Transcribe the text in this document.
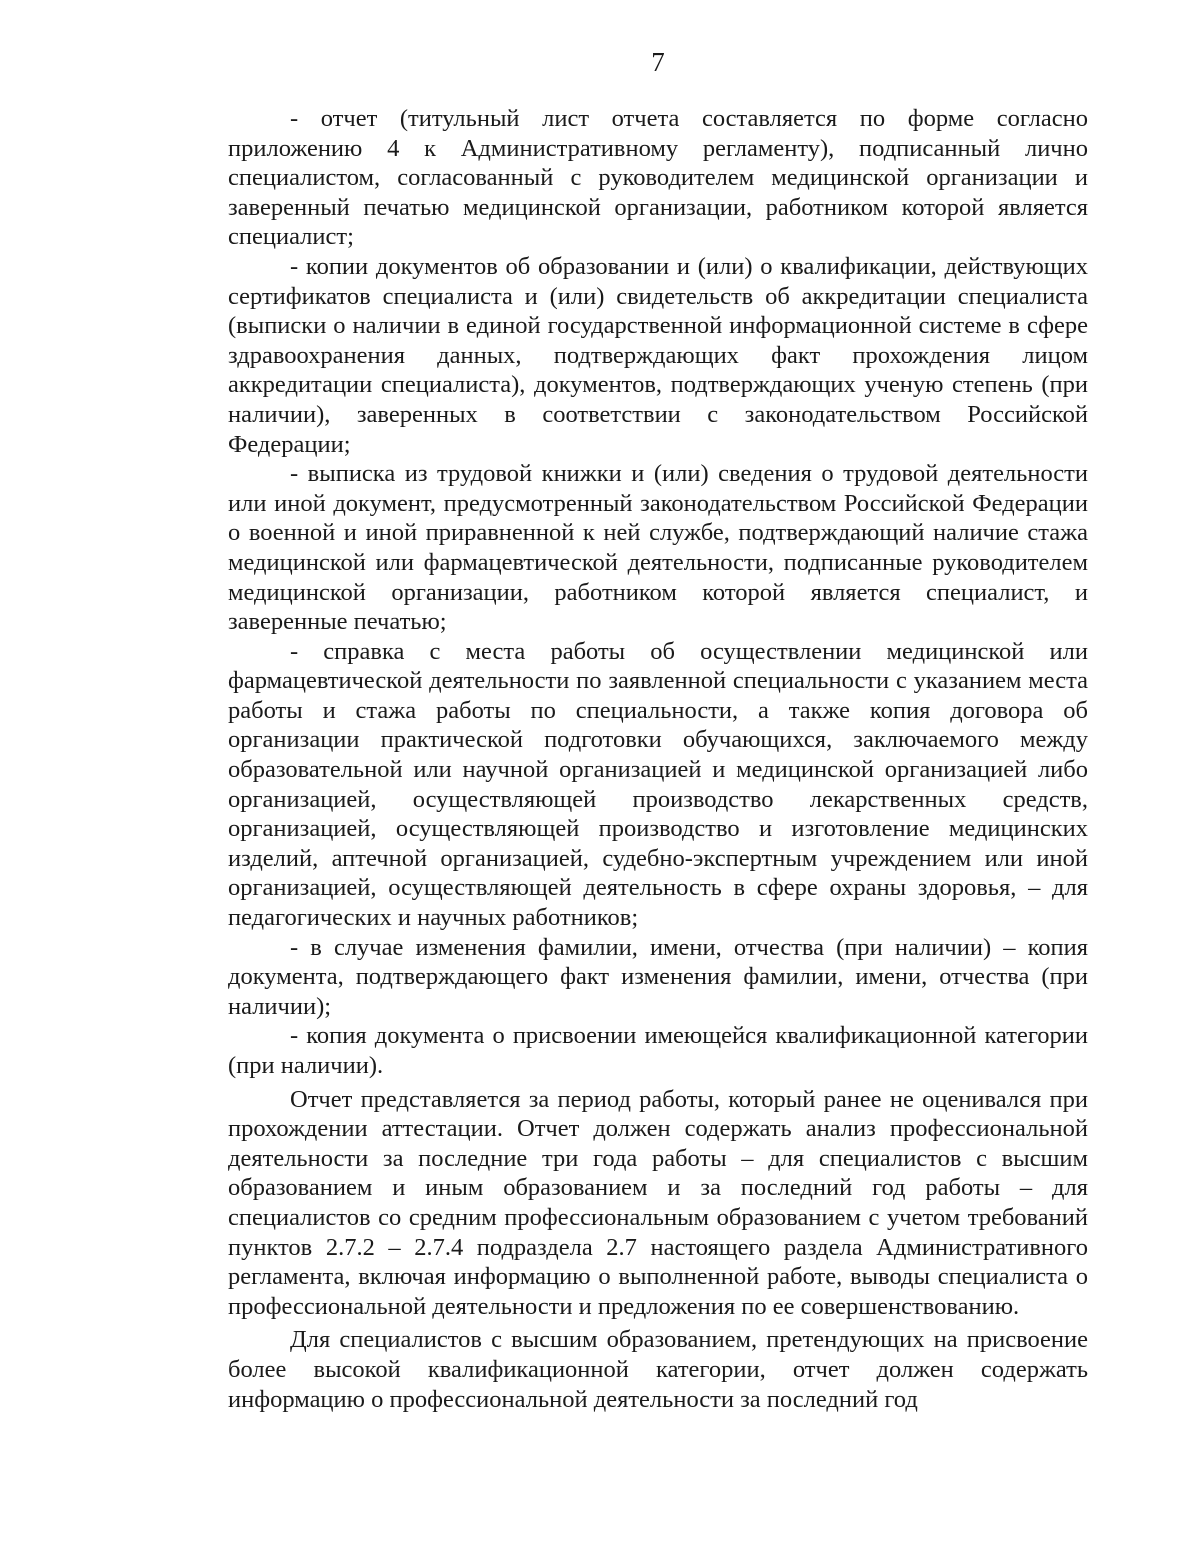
7

- отчет (титульный лист отчета составляется по форме согласно приложению 4 к Административному регламенту), подписанный лично специалистом, согласованный с руководителем медицинской организации и заверенный печатью медицинской организации, работником которой является специалист;

- копии документов об образовании и (или) о квалификации, действующих сертификатов специалиста и (или) свидетельств об аккредитации специалиста (выписки о наличии в единой государственной информационной системе в сфере здравоохранения данных, подтверждающих факт прохождения лицом аккредитации специалиста), документов, подтверждающих ученую степень (при наличии), заверенных в соответствии с законодательством Российской Федерации;

- выписка из трудовой книжки и (или) сведения о трудовой деятельности или иной документ, предусмотренный законодательством Российской Федерации о военной и иной приравненной к ней службе, подтверждающий наличие стажа медицинской или фармацевтической деятельности, подписанные руководителем медицинской организации, работником которой является специалист, и заверенные печатью;

- справка с места работы об осуществлении медицинской или фармацевтической деятельности по заявленной специальности с указанием места работы и стажа работы по специальности, а также копия договора об организации практической подготовки обучающихся, заключаемого между образовательной или научной организацией и медицинской организацией либо организацией, осуществляющей производство лекарственных средств, организацией, осуществляющей производство и изготовление медицинских изделий, аптечной организацией, судебно-экспертным учреждением или иной организацией, осуществляющей деятельность в сфере охраны здоровья, – для педагогических и научных работников;

- в случае изменения фамилии, имени, отчества (при наличии) – копия документа, подтверждающего факт изменения фамилии, имени, отчества (при наличии);

- копия документа о присвоении имеющейся квалификационной категории (при наличии).

Отчет представляется за период работы, который ранее не оценивался при прохождении аттестации. Отчет должен содержать анализ профессиональной деятельности за последние три года работы – для специалистов с высшим образованием и иным образованием и за последний год работы – для специалистов со средним профессиональным образованием с учетом требований пунктов 2.7.2 – 2.7.4 подраздела 2.7 настоящего раздела Административного регламента, включая информацию о выполненной работе, выводы специалиста о профессиональной деятельности и предложения по ее совершенствованию.

Для специалистов с высшим образованием, претендующих на присвоение более высокой квалификационной категории, отчет должен содержать информацию о профессиональной деятельности за последний год
